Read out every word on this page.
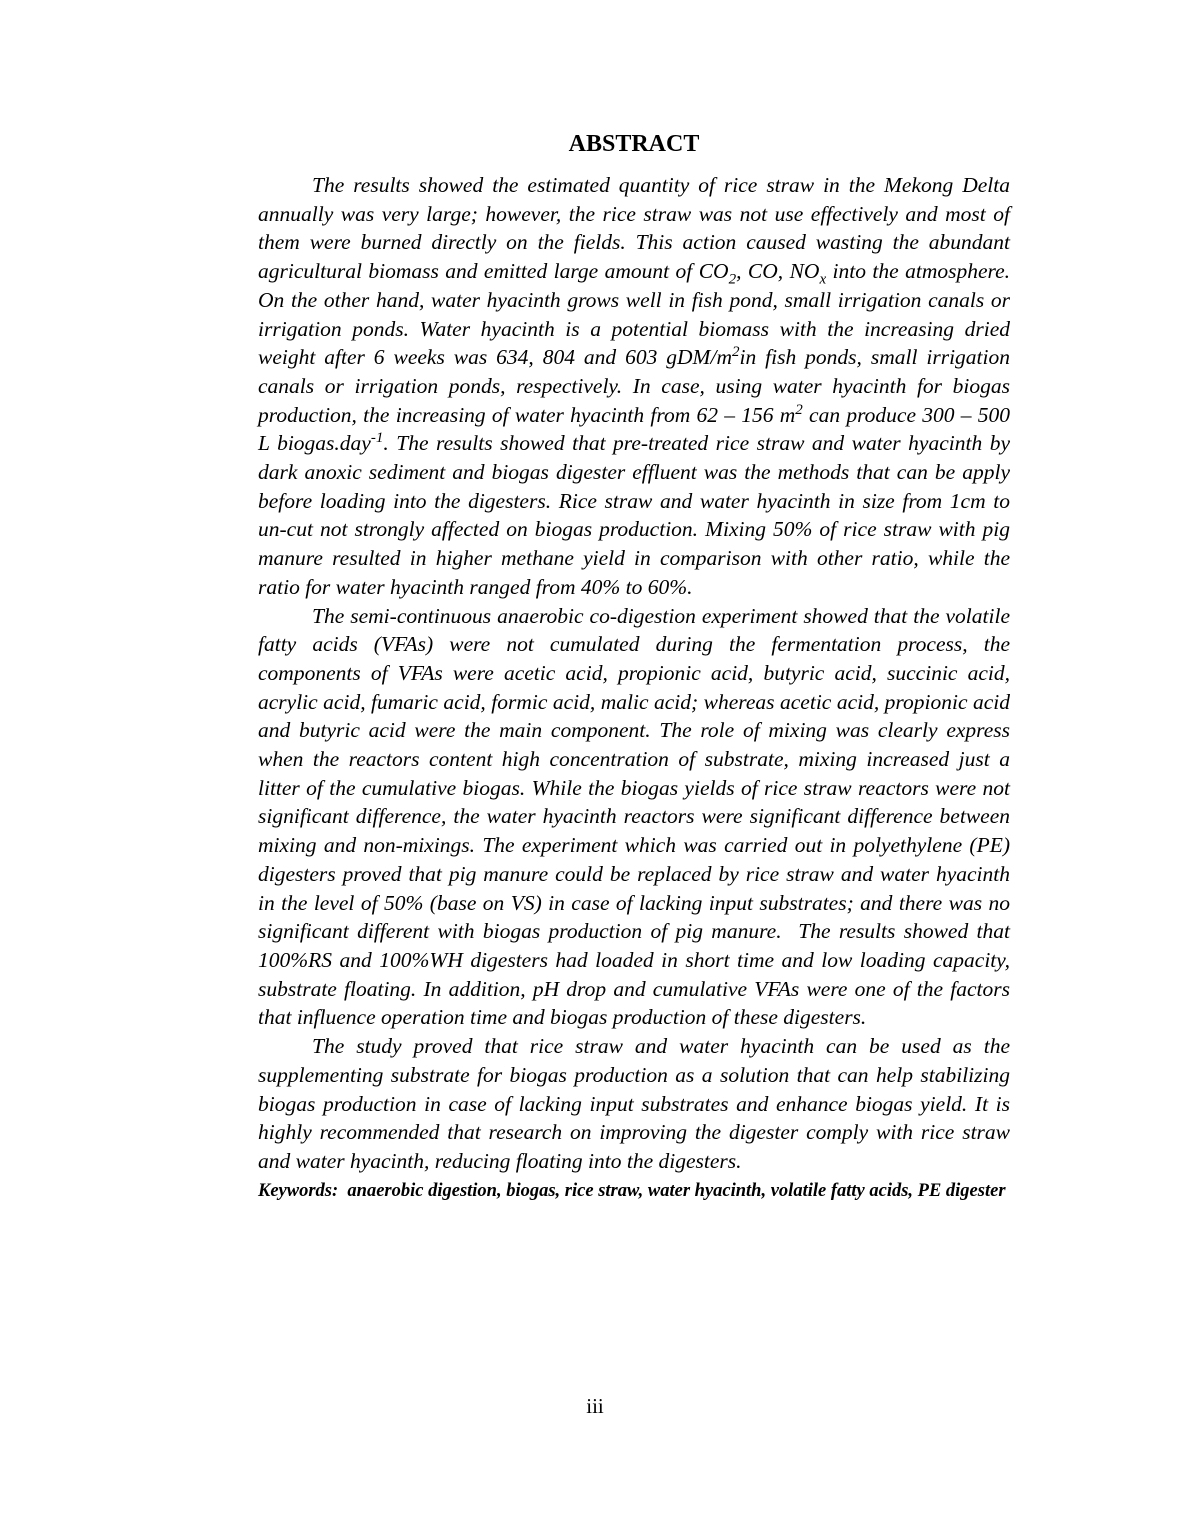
ABSTRACT

The results showed the estimated quantity of rice straw in the Mekong Delta annually was very large; however, the rice straw was not use effectively and most of them were burned directly on the fields. This action caused wasting the abundant agricultural biomass and emitted large amount of $CO_2$, CO, $NO_x$ into the atmosphere. On the other hand, water hyacinth grows well in fish pond, small irrigation canals or irrigation ponds. Water hyacinth is a potential biomass with the increasing dried weight after 6 weeks was 634, 804 and 603 gDM/$m^2in$ fish ponds, small irrigation canals or irrigation ponds, respectively. In case, using water hyacinth for biogas production, the increasing of water hyacinth from 62 – 156 $m^2$ can produce 300 – 500 L biogas.day$^{-1}$. The results showed that pre-treated rice straw and water hyacinth by dark anoxic sediment and biogas digester effluent was the methods that can be apply before loading into the digesters. Rice straw and water hyacinth in size from 1cm to un-cut not strongly affected on biogas production. Mixing 50% of rice straw with pig manure resulted in higher methane yield in comparison with other ratio, while the ratio for water hyacinth ranged from 40% to 60%.

The semi-continuous anaerobic co-digestion experiment showed that the volatile fatty acids (VFAs) were not cumulated during the fermentation process, the components of VFAs were acetic acid, propionic acid, butyric acid, succinic acid, acrylic acid, fumaric acid, formic acid, malic acid; whereas acetic acid, propionic acid and butyric acid were the main component. The role of mixing was clearly express when the reactors content high concentration of substrate, mixing increased just a litter of the cumulative biogas. While the biogas yields of rice straw reactors were not significant difference, the water hyacinth reactors were significant difference between mixing and non-mixings. The experiment which was carried out in polyethylene (PE) digesters proved that pig manure could be replaced by rice straw and water hyacinth in the level of 50% (base on VS) in case of lacking input substrates; and there was no significant different with biogas production of pig manure.  The results showed that 100%RS and 100%WH digesters had loaded in short time and low loading capacity, substrate floating. In addition, pH drop and cumulative VFAs were one of the factors that influence operation time and biogas production of these digesters.

The study proved that rice straw and water hyacinth can be used as the supplementing substrate for biogas production as a solution that can help stabilizing biogas production in case of lacking input substrates and enhance biogas yield. It is highly recommended that research on improving the digester comply with rice straw and water hyacinth, reducing floating into the digesters.

Keywords: anaerobic digestion, biogas, rice straw, water hyacinth, volatile fatty acids, PE digester

iii
